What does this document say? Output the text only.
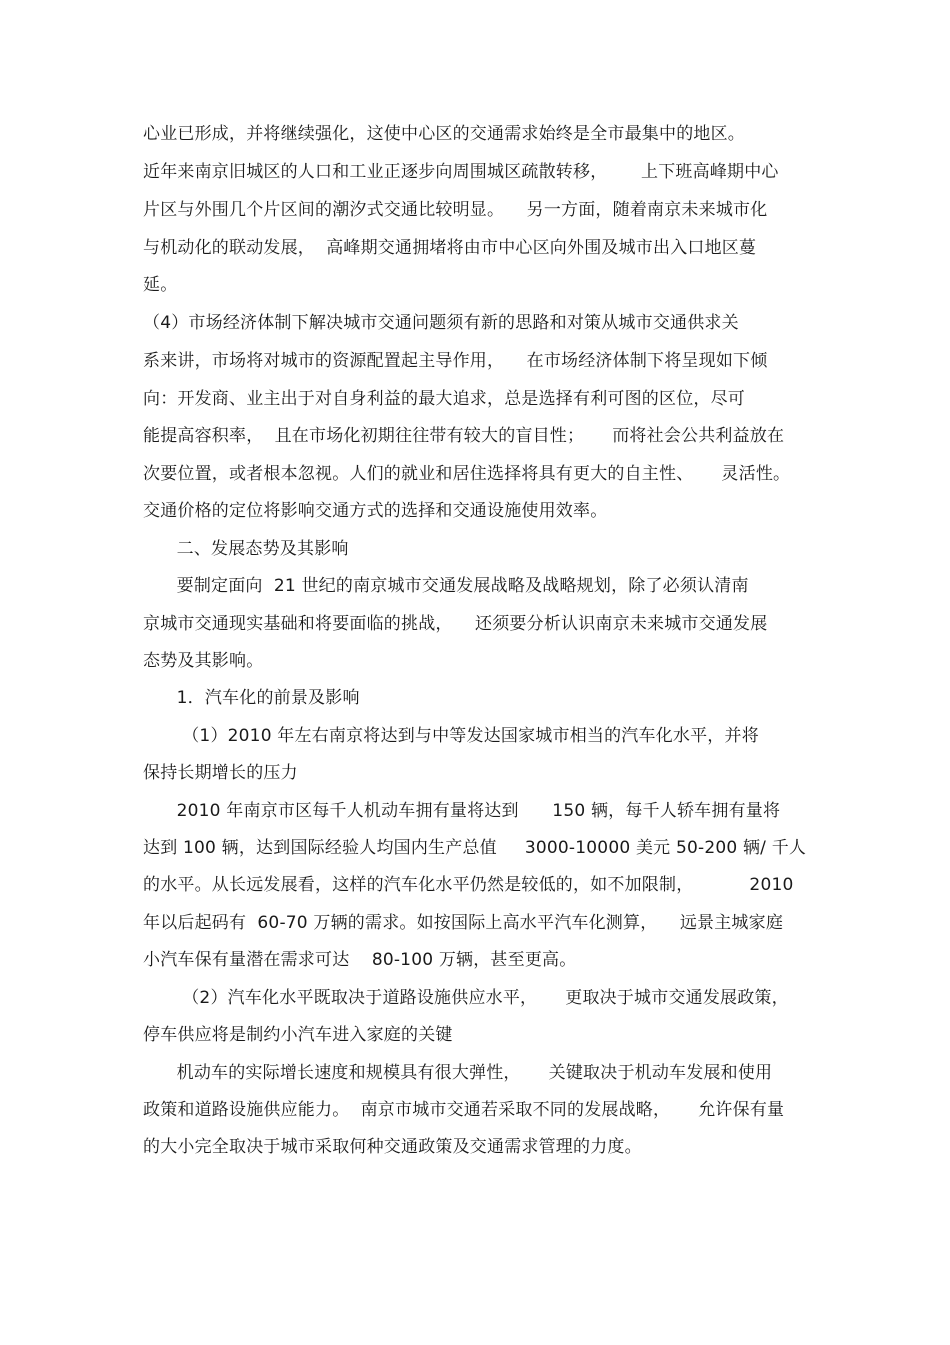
心业已形成，并将继续强化，这使中心区的交通需求始终是全市最集中的地区。
近年来南京旧城区的人口和工业正逐步向周围城区疏散转移，      上下班高峰期中心
片区与外围几个片区间的潮汐式交通比较明显。    另一方面，随着南京未来城市化
与机动化的联动发展，  高峰期交通拥堵将由市中心区向外围及城市出入口地区蔓
延。
（4）市场经济体制下解决城市交通问题须有新的思路和对策从城市交通供求关
系来讲，市场将对城市的资源配置起主导作用，    在市场经济体制下将呈现如下倾
向：开发商、业主出于对自身利益的最大追求，总是选择有利可图的区位，尽可
能提高容积率，  且在市场化初期往往带有较大的盲目性；     而将社会公共利益放在
次要位置，或者根本忽视。人们的就业和居住选择将具有更大的自主性、     灵活性。
交通价格的定位将影响交通方式的选择和交通设施使用效率。
二、发展态势及其影响
要制定面向  21 世纪的南京城市交通发展战略及战略规划，除了必须认清南
京城市交通现实基础和将要面临的挑战，    还须要分析认识南京未来城市交通发展
态势及其影响。
1．汽车化的前景及影响
（1）2010 年左右南京将达到与中等发达国家城市相当的汽车化水平，并将
保持长期增长的压力
2010 年南京市区每千人机动车拥有量将达到      150 辆，每千人轿车拥有量将
达到 100 辆，达到国际经验人均国内生产总值     3000-10000 美元 50-200 辆/ 千人
的水平。从长远发展看，这样的汽车化水平仍然是较低的，如不加限制，          2010
年以后起码有  60-70 万辆的需求。如按国际上高水平汽车化测算，    远景主城家庭
小汽车保有量潜在需求可达    80-100 万辆，甚至更高。
（2）汽车化水平既取决于道路设施供应水平，     更取决于城市交通发展政策，
停车供应将是制约小汽车进入家庭的关键
机动车的实际增长速度和规模具有很大弹性，     关键取决于机动车发展和使用
政策和道路设施供应能力。  南京市城市交通若采取不同的发展战略，     允许保有量
的大小完全取决于城市采取何种交通政策及交通需求管理的力度。
